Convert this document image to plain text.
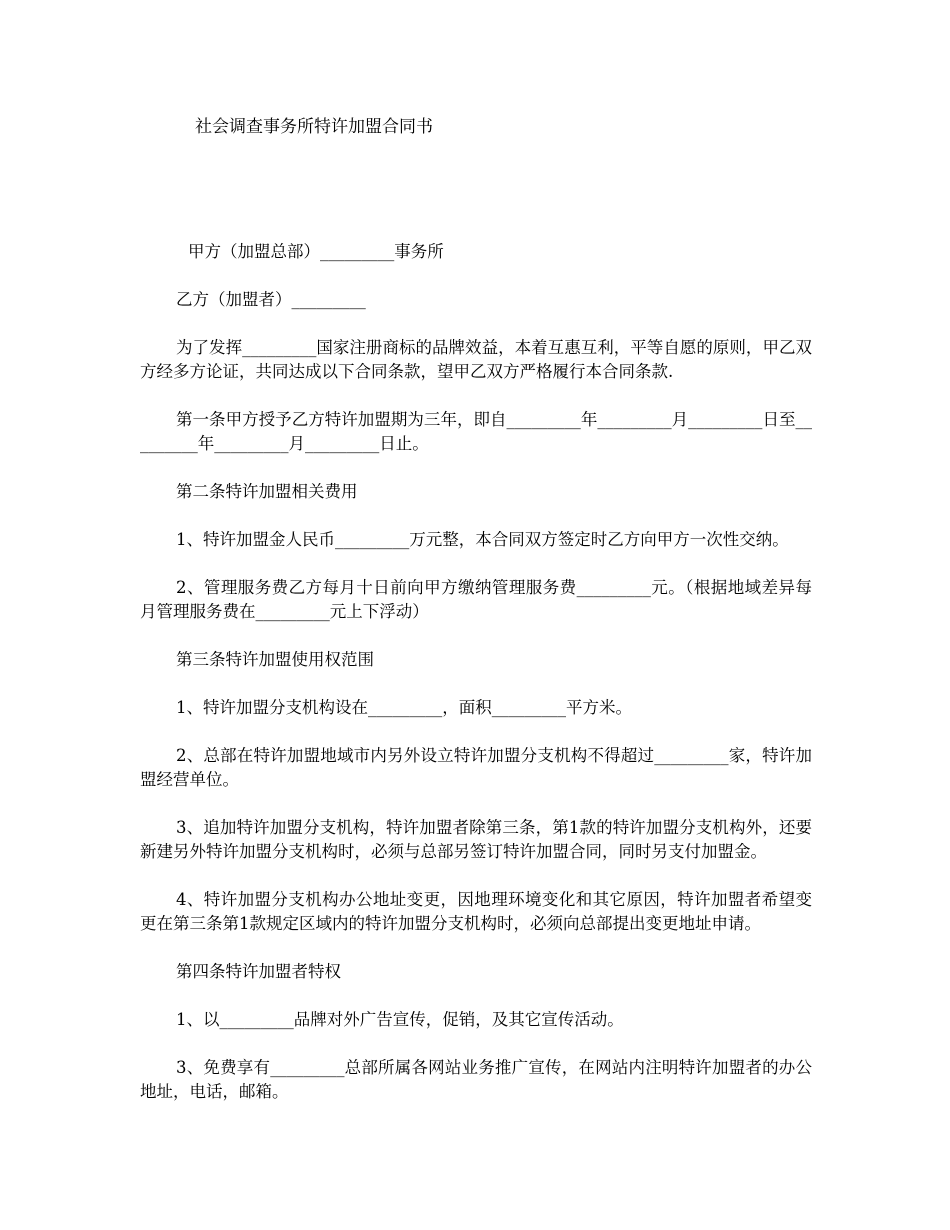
社会调查事务所特许加盟合同书

甲方（加盟总部）_________事务所

乙方（加盟者）_________

为了发挥_________国家注册商标的品牌效益，本着互惠互利，平等自愿的原则，甲乙双方经多方论证，共同达成以下合同条款，望甲乙双方严格履行本合同条款.

第一条甲方授予乙方特许加盟期为三年，即自_________年_________月_________日至_________年_________月_________日止。

第二条特许加盟相关费用

1、特许加盟金人民币_________万元整，本合同双方签定时乙方向甲方一次性交纳。

2、管理服务费乙方每月十日前向甲方缴纳管理服务费_________元。（根据地域差异每月管理服务费在_________元上下浮动）

第三条特许加盟使用权范围

1、特许加盟分支机构设在_________，面积_________平方米。

2、总部在特许加盟地域市内另外设立特许加盟分支机构不得超过_________家，特许加盟经营单位。

3、追加特许加盟分支机构，特许加盟者除第三条，第1款的特许加盟分支机构外，还要新建另外特许加盟分支机构时，必须与总部另签订特许加盟合同，同时另支付加盟金。

4、特许加盟分支机构办公地址变更，因地理环境变化和其它原因，特许加盟者希望变更在第三条第1款规定区域内的特许加盟分支机构时，必须向总部提出变更地址申请。

第四条特许加盟者特权

1、以_________品牌对外广告宣传，促销，及其它宣传活动。

3、免费享有_________总部所属各网站业务推广宣传，在网站内注明特许加盟者的办公地址，电话，邮箱。
